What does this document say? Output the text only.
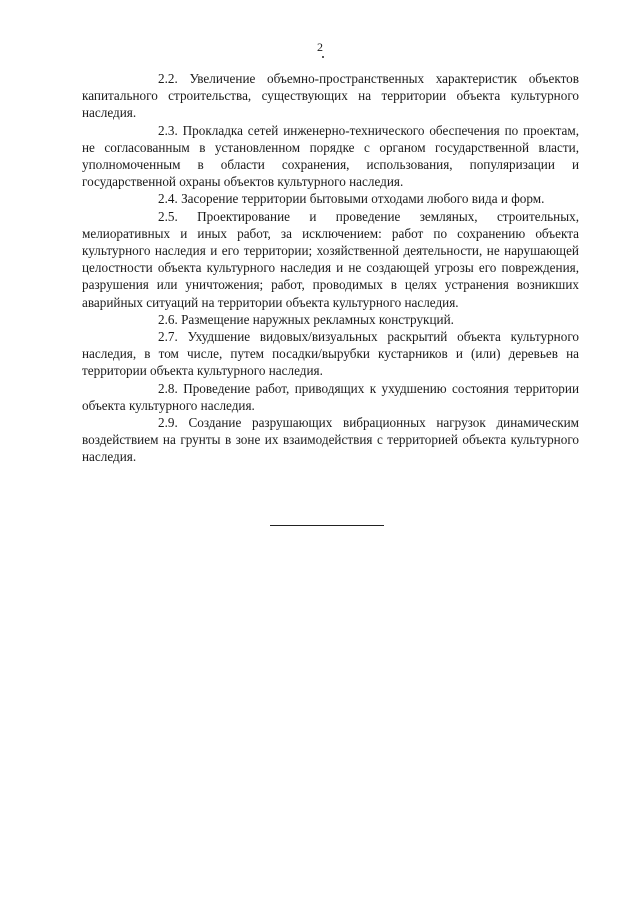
2

2.2. Увеличение объемно-пространственных характеристик объектов капитального строительства, существующих на территории объекта культурного наследия.

2.3. Прокладка сетей инженерно-технического обеспечения по проектам, не согласованным в установленном порядке с органом государственной власти, уполномоченным в области сохранения, использования, популяризации и государственной охраны объектов культурного наследия.

2.4. Засорение территории бытовыми отходами любого вида и форм.

2.5. Проектирование и проведение земляных, строительных, мелиоративных и иных работ, за исключением: работ по сохранению объекта культурного наследия и его территории; хозяйственной деятельности, не нарушающей целостности объекта культурного наследия и не создающей угрозы его повреждения, разрушения или уничтожения; работ, проводимых в целях устранения возникших аварийных ситуаций на территории объекта культурного наследия.

2.6. Размещение наружных рекламных конструкций.

2.7. Ухудшение видовых/визуальных раскрытий объекта культурного наследия, в том числе, путем посадки/вырубки кустарников и (или) деревьев на территории объекта культурного наследия.

2.8. Проведение работ, приводящих к ухудшению состояния территории объекта культурного наследия.

2.9. Создание разрушающих вибрационных нагрузок динамическим воздействием на грунты в зоне их взаимодействия с территорией объекта культурного наследия.
